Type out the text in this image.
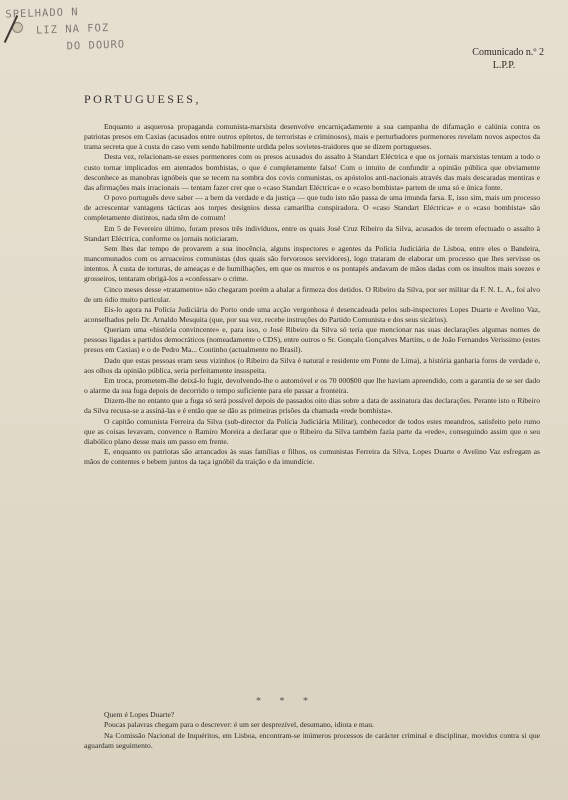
SPELHADO N
LIZ NA FOZ
DO DOURO	Comunicado n.º 2
L.P.P.
PORTUGUESES,

Enquanto a asquerosa propaganda comunista-marxista desenvolve encarniçadamente a sua campanha de difamação e calúnia contra os patriotas presos em Caxias (acusados entre outros epítetos, de terroristas e criminosos), mais e perturbadores pormenores revelam novos aspectos da trama secreta que à custa do caso vem sendo habilmente urdida pelos sovietes-traidores que se dizem portugueses.

Desta vez, relacionam-se esses pormenores com os presos acusados do assalto à Standart Eléctrica e que os jornais marxistas tentam a todo o custo tornar implicados em atentados bombistas, o que é completamente falso! Com o intuito de confundir a opinião pública que obviamente desconhece as manobras ignóbeis que se tecem na sombra dos covis comunistas, os apóstolos anti-nacionais através das mais descaradas mentiras e das afirmações mais irracionais — tentam fazer crer que o «caso Standart Eléctrica» e o «caso bombista» partem de uma só e única fonte.

O povo português deve saber — a bem da verdade e da justiça — que tudo isto não passa de uma imunda farsa. E, isso sim, mais um processo de acrescentar vantagens tácticas aos torpes desígnios dessa camarilha conspiradora. O «caso Standart Eléctrica» e o «caso bombista» são completamente distintos, nada têm de comum!

Em 5 de Fevereiro último, foram presos três indivíduos, entre os quais José Cruz Ribeiro da Silva, acusados de terem efectuado o assalto à Standart Eléctrica, conforme os jornais noticiaram.

Sem lhes dar tempo de provarem a sua inocência, alguns inspectores e agentes da Polícia Judiciária de Lisboa, entre eles o Bandeira, mancomunados com os arruaceiros comunistas (dos quais são fervorosos servidores), logo trataram de elaborar um processo que lhes servisse os intentos. À custa de torturas, de ameaças e de humilhações, em que os murros e os pontapés andavam de mãos dadas com os insultos mais soezes e grosseiros, tentaram obrigá-los a «confessar» o crime.

Cinco meses desse «tratamento» não chegaram porém a abalar a firmeza dos detidos. O Ribeiro da Silva, por ser militar da F. N. L. A., foi alvo de um ódio muito particular.

Eis-lo agora na Polícia Judiciária do Porto onde uma acção vergonhosa é desencadeada pelos sub-inspectores Lopes Duarte e Avelino Vaz, aconselhados pelo Dr. Arnaldo Mesquita (que, por sua vez, recebe instruções do Partido Comunista e dos seus sicários).

Queriam uma «história convincente» e, para isso, o José Ribeiro da Silva só teria que mencionar nas suas declarações algumas nomes de pessoas ligadas a partidos democráticos (nomeadamente o CDS), entre outros o Sr. Gonçalo Gonçalves Martins, o de João Fernandes Verissimo (estes presos em Caxias) e o de Pedro Ma... Coutinho (actualmente no Brasil).

Dado que estas pessoas eram seus vizinhos (o Ribeiro da Silva é natural e residente em Ponte de Lima), a história ganharia foros de verdade e, aos olhos da opinião pública, seria perfeitamente insuspeita.

Em troca, prometem-lhe deixá-lo fugir, devolvendo-lhe o automóvel e os 70 000$00 que lhe haviam apreendido, com a garantia de se ser dado o alarme da sua fuga depois de decorrido o tempo suficiente para ele passar a fronteira.

Dizem-lhe no entanto que a fuga só será possível depois de passados oito dias sobre a data de assinatura das declarações. Perante isto o Ribeiro da Silva recusa-se a assiná-las e é então que se dão as primeiras prisões da chamada «rede bombista».

O capitão comunista Ferreira da Silva (sub-director da Polícia Judiciária Militar), conhecedor de todos estes meandros, satisfeito pelo rumo que as coisas levavam, convence o Ramiro Moreira a declarar que o Ribeiro da Silva também fazia parte da «rede», conseguindo assim que o seu diabólico plano desse mais um passo em frente.

E, enquanto os patriotas são arrancados às suas famílias e filhos, os comunistas Ferreira da Silva, Lopes Duarte e Avelino Vaz esfregam as mãos de contentes e bebem juntos da taça ignóbil da traição e da imundície.

* * *

Quem é Lopes Duarte?

Poucas palavras chegam para o descrever: é um ser desprezível, desumano, idiota e mau.

Na Comissão Nacional de Inquéritos, em Lisboa, encontram-se inúmeros processos de carácter criminal e disciplinar, movidos contra si que aguardam seguimento.
